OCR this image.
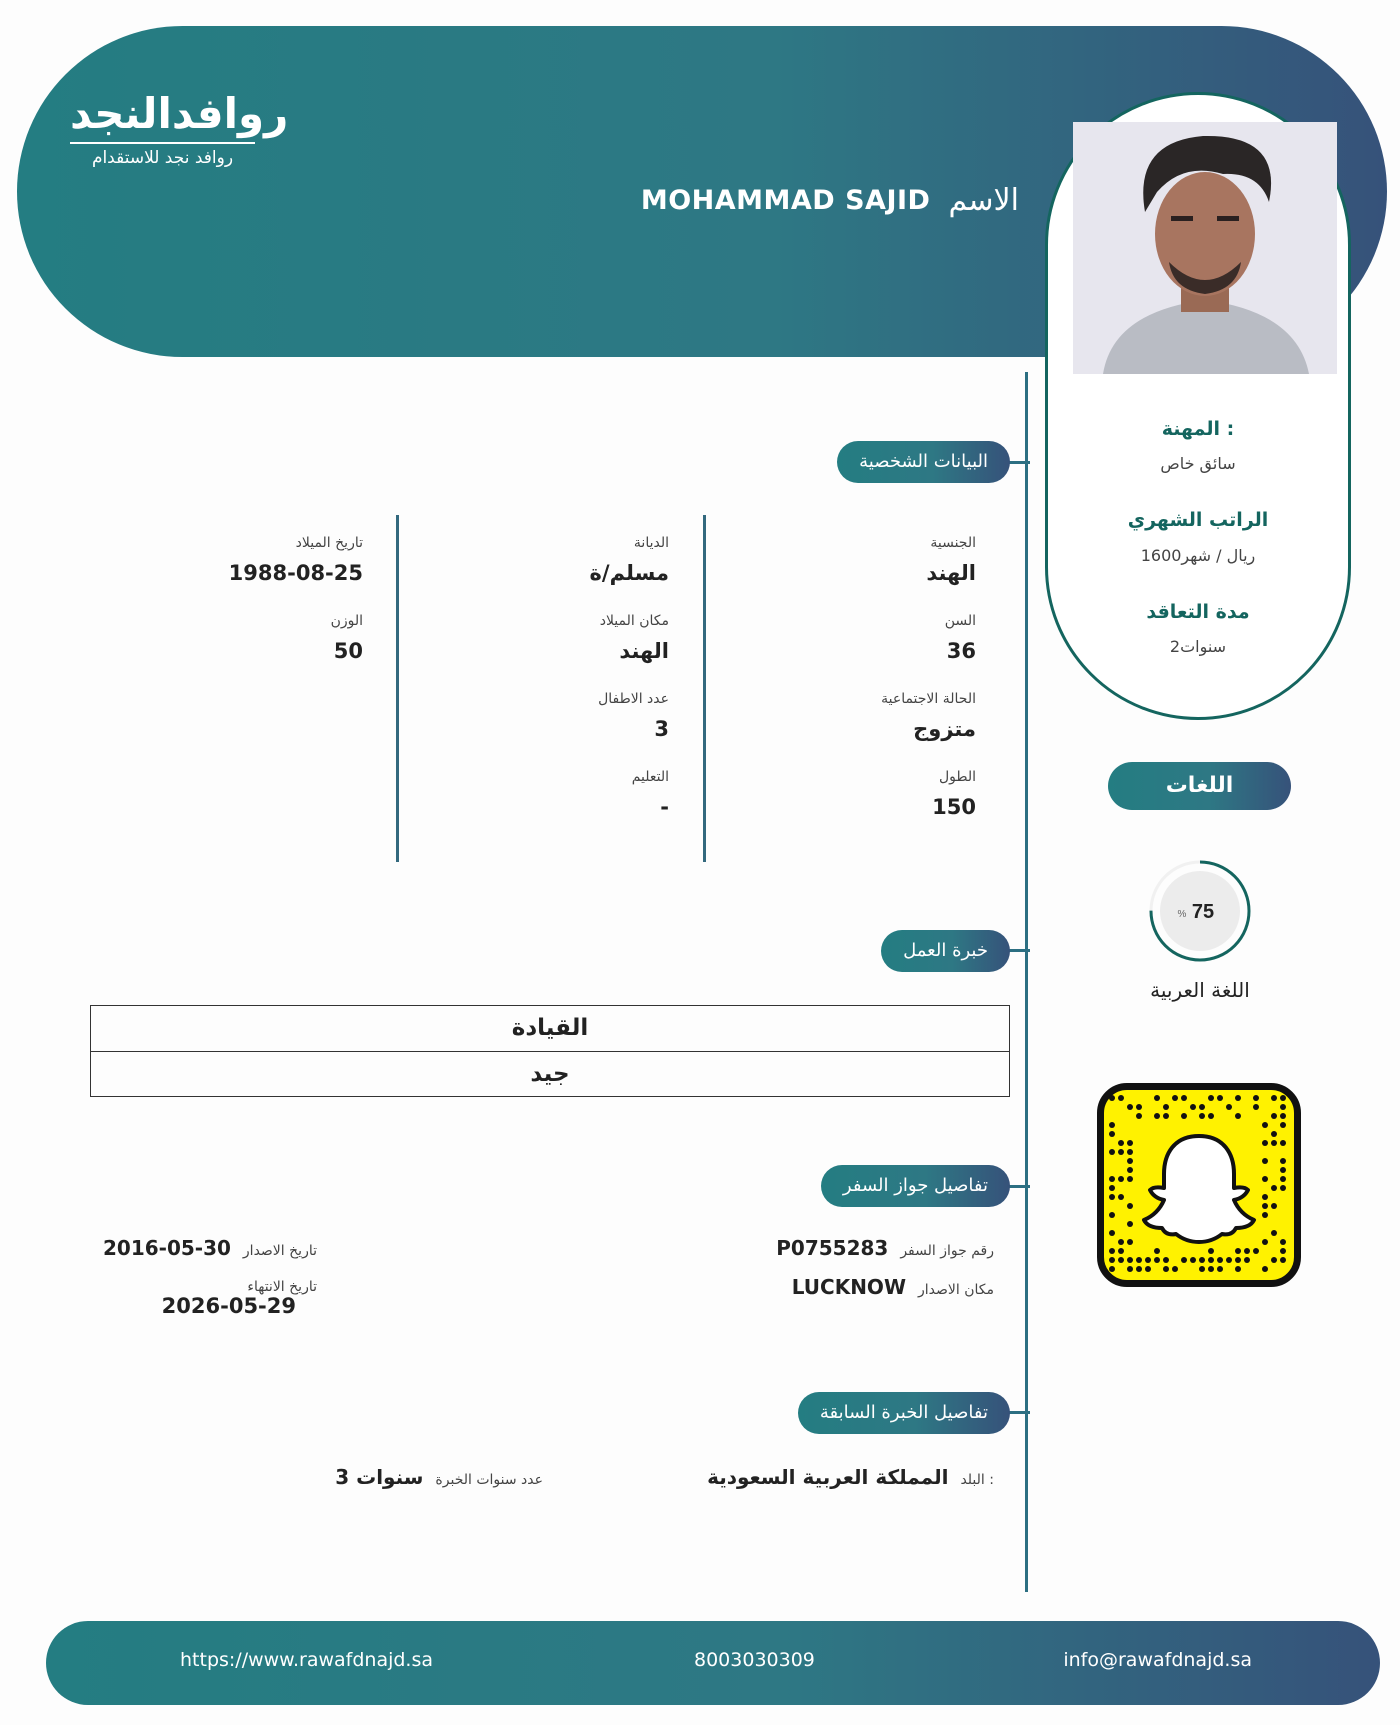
روافدالنجد
روافد نجد للاستقدام
الاسم
MOHAMMAD SAJID
المهنة :
سائق خاص
الراتب الشهري
1600ريال / شهر
مدة التعاقد
2سنوات
اللغات
75
%
اللغة العربية
البيانات الشخصية
الجنسية
الهند
السن
36
الحالة الاجتماعية
متزوج
الطول
150
الديانة
مسلم/ة
مكان الميلاد
الهند
عدد الاطفال
3
التعليم
-
تاريخ الميلاد
1988-08-25
الوزن
50
خبرة العمل
القيادة
جيد
تفاصيل جواز السفر
رقم جواز السفر
P0755283
مكان الاصدار
LUCKNOW
تاريخ الاصدار
2016-05-30
تاريخ الانتهاء
2026-05-29
تفاصيل الخبرة السابقة
البلد :
المملكة العربية السعودية
عدد سنوات الخبرة
3 سنوات
https://www.rawafdnajd.sa	8003030309	info@rawafdnajd.sa
